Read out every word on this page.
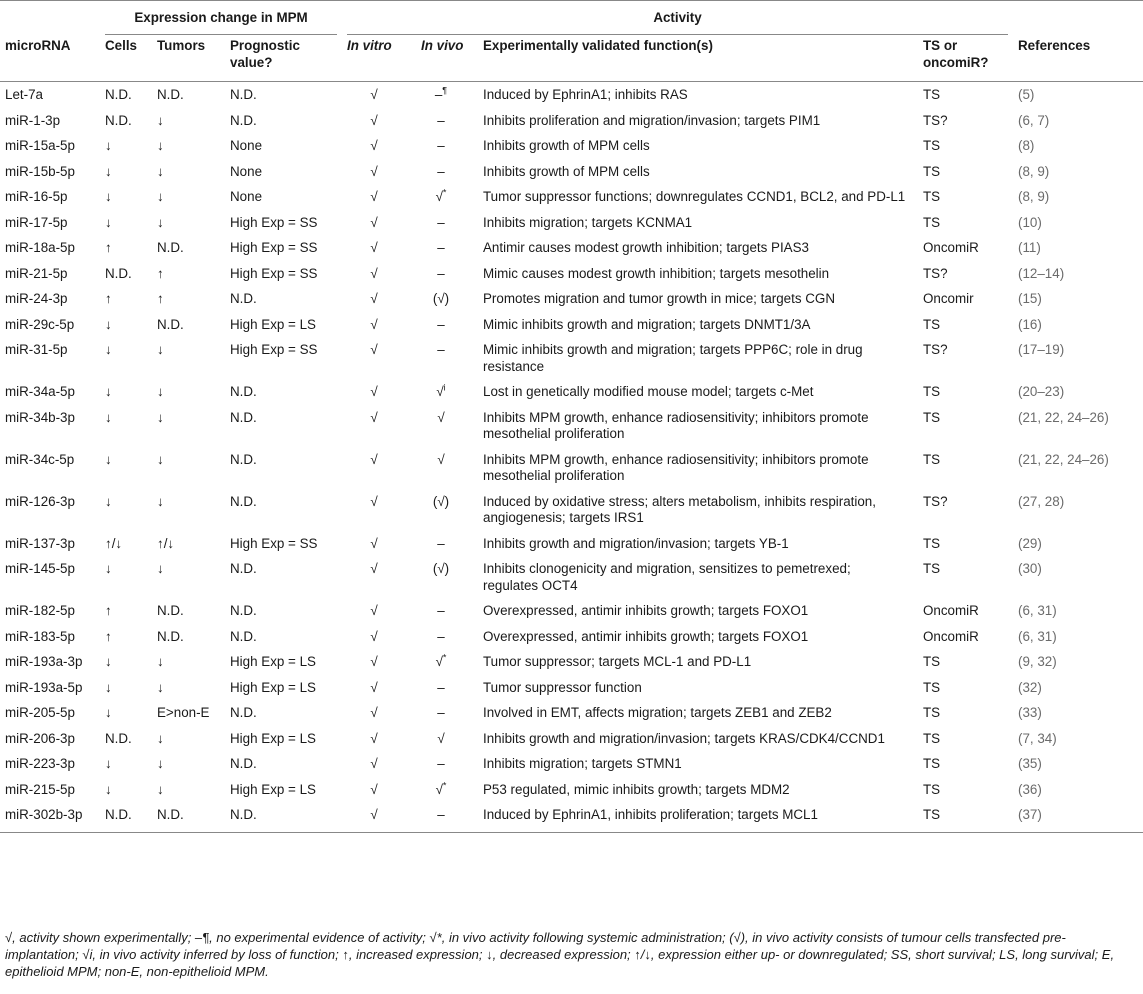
	Expression change in MPM			Activity				

microRNA	Cells	Tumors	Prognostic value?	In vitro	In vivo	Experimentally validated function(s)	TS or oncomiR?	References
Let-7a	N.D.	N.D.	N.D.	√	–¶	Induced by EphrinA1; inhibits RAS	TS	(5)
miR-1-3p	N.D.	↓	N.D.	√	–	Inhibits proliferation and migration/invasion; targets PIM1	TS?	(6, 7)
miR-15a-5p	↓	↓	None	√	–	Inhibits growth of MPM cells	TS	(8)
miR-15b-5p	↓	↓	None	√	–	Inhibits growth of MPM cells	TS	(8, 9)
miR-16-5p	↓	↓	None	√	√*	Tumor suppressor functions; downregulates CCND1, BCL2, and PD-L1	TS	(8, 9)
miR-17-5p	↓	↓	High Exp = SS	√	–	Inhibits migration; targets KCNMA1	TS	(10)
miR-18a-5p	↑	N.D.	High Exp = SS	√	–	Antimir causes modest growth inhibition; targets PIAS3	OncomiR	(11)
miR-21-5p	N.D.	↑	High Exp = SS	√	–	Mimic causes modest growth inhibition; targets mesothelin	TS?	(12–14)
miR-24-3p	↑	↑	N.D.	√	(√)	Promotes migration and tumor growth in mice; targets CGN	Oncomir	(15)
miR-29c-5p	↓	N.D.	High Exp = LS	√	–	Mimic inhibits growth and migration; targets DNMT1/3A	TS	(16)
miR-31-5p	↓	↓	High Exp = SS	√	–	Mimic inhibits growth and migration; targets PPP6C; role in drug resistance	TS?	(17–19)
miR-34a-5p	↓	↓	N.D.	√	√$^i$	Lost in genetically modified mouse model; targets c-Met	TS	(20–23)
miR-34b-3p	↓	↓	N.D.	√	√	Inhibits MPM growth, enhance radiosensitivity; inhibitors promote mesothelial proliferation	TS	(21, 22, 24–26)
miR-34c-5p	↓	↓	N.D.	√	√	Inhibits MPM growth, enhance radiosensitivity; inhibitors promote mesothelial proliferation	TS	(21, 22, 24–26)
miR-126-3p	↓	↓	N.D.	√	(√)	Induced by oxidative stress; alters metabolism, inhibits respiration, angiogenesis; targets IRS1	TS?	(27, 28)
miR-137-3p	↑/↓	↑/↓	High Exp = SS	√	–	Inhibits growth and migration/invasion; targets YB-1	TS	(29)
miR-145-5p	↓	↓	N.D.	√	(√)	Inhibits clonogenicity and migration, sensitizes to pemetrexed; regulates OCT4	TS	(30)
miR-182-5p	↑	N.D.	N.D.	√	–	Overexpressed, antimir inhibits growth; targets FOXO1	OncomiR	(6, 31)
miR-183-5p	↑	N.D.	N.D.	√	–	Overexpressed, antimir inhibits growth; targets FOXO1	OncomiR	(6, 31)
miR-193a-3p	↓	↓	High Exp = LS	√	√*	Tumor suppressor; targets MCL-1 and PD-L1	TS	(9, 32)
miR-193a-5p	↓	↓	High Exp = LS	√	–	Tumor suppressor function	TS	(32)
miR-205-5p	↓	E>non-E	N.D.	√	–	Involved in EMT, affects migration; targets ZEB1 and ZEB2	TS	(33)
miR-206-3p	N.D.	↓	High Exp = LS	√	√	Inhibits growth and migration/invasion; targets KRAS/CDK4/CCND1	TS	(7, 34)
miR-223-3p	↓	↓	N.D.	√	–	Inhibits migration; targets STMN1	TS	(35)
miR-215-5p	↓	↓	High Exp = LS	√	√*	P53 regulated, mimic inhibits growth; targets MDM2	TS	(36)
miR-302b-3p	N.D.	N.D.	N.D.	√	–	Induced by EphrinA1, inhibits proliferation; targets MCL1	TS	(37)
√, activity shown experimentally; –¶, no experimental evidence of activity; √*, in vivo activity following systemic administration; (√), in vivo activity consists of tumour cells transfected pre-implantation; √i, in vivo activity inferred by loss of function; ↑, increased expression; ↓, decreased expression; ↑/↓, expression either up- or downregulated; SS, short survival; LS, long survival; E, epithelioid MPM; non-E, non-epithelioid MPM.
